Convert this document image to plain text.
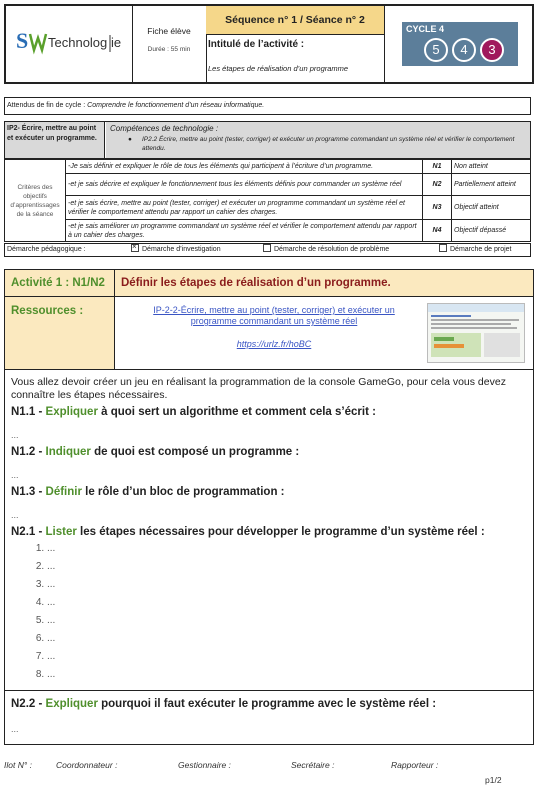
S Technolog ie
Fiche élève
Durée : 55 min
Séquence n° 1 / Séance n° 2
Intitulé de l’activité :
Les étapes de réalisation d’un programme
CYCLE 4
5	4	3
Attendus de fin de cycle : Comprendre le fonctionnement d’un réseau informatique.
IP2- Écrire, mettre au point et exécuter un programme.
Compétences de technologie :
● IP2.2 Écrire, mettre au point (tester, corriger) et exécuter un programme commandant un système réel et vérifier le comportement attendu.
Critères des objectifs d’apprentissages de la séance	-Je sais définir et expliquer le rôle de tous les éléments qui participent à l’écriture d’un programme.	N1	Non atteint
	-et je sais décrire et expliquer le fonctionnement tous les éléments définis pour commander un système réel	N2	Partiellement atteint
	-et je sais écrire, mettre au point (tester, corriger) et exécuter un programme commandant un système réel et vérifier le comportement attendu par rapport un cahier des charges.	N3	Objectif atteint
	-et je sais améliorer un programme commandant un système réel et vérifier le comportement attendu par rapport à un cahier des charges.	N4	Objectif dépassé
Démarche pédagogique : ×	Démarche d’investigation	Démarche de résolution de problème	Démarche de projet
Activité 1 : N1/N2	Définir les étapes de réalisation d’un programme.
Ressources :	IP-2-2-Écrire, mettre au point (tester, corriger) et exécuter un programme commandant un système réel
https://urlz.fr/hoBC
Vous allez devoir créer un jeu en réalisant la programmation de la console GameGo, pour cela vous devez connaître les étapes nécessaires.
N1.1 - Expliquer à quoi sert un algorithme et comment cela s’écrit :
...
N1.2 - Indiquer de quoi est composé un programme :
...
N1.3 - Définir le rôle d’un bloc de programmation :
...
N2.1 - Lister les étapes nécessaires pour développer le programme d’un système réel :
1. ...
2. ...
3. ...
4. ...
5. ...
6. ...
7. ...
8. ...
N2.2 - Expliquer pourquoi il faut exécuter le programme avec le système réel :
...
Ilot N° :	Coordonnateur :	Gestionnaire :	Secrétaire :	Rapporteur :
p1/2
